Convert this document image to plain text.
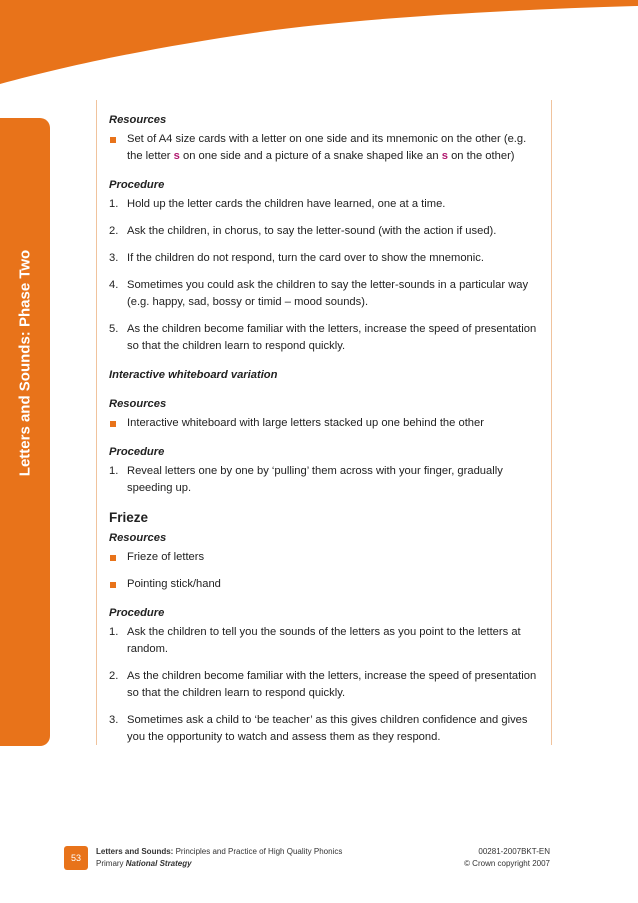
Letters and Sounds: Phase Two

Resources

Set of A4 size cards with a letter on one side and its mnemonic on the other (e.g. the letter s on one side and a picture of a snake shaped like an s on the other)

Procedure

1. Hold up the letter cards the children have learned, one at a time.
2. Ask the children, in chorus, to say the letter-sound (with the action if used).
3. If the children do not respond, turn the card over to show the mnemonic.
4. Sometimes you could ask the children to say the letter-sounds in a particular way (e.g. happy, sad, bossy or timid – mood sounds).
5. As the children become familiar with the letters, increase the speed of presentation so that the children learn to respond quickly.

Interactive whiteboard variation

Resources

Interactive whiteboard with large letters stacked up one behind the other

Procedure

1. Reveal letters one by one by ‘pulling’ them across with your finger, gradually speeding up.

Frieze

Resources

Frieze of letters
Pointing stick/hand

Procedure

1. Ask the children to tell you the sounds of the letters as you point to the letters at random.
2. As the children become familiar with the letters, increase the speed of presentation so that the children learn to respond quickly.
3. Sometimes ask a child to ‘be teacher’ as this gives children confidence and gives you the opportunity to watch and assess them as they respond.
53
Letters and Sounds: Principles and Practice of High Quality Phonics
Primary National Strategy
00281-2007BKT-EN
© Crown copyright 2007
